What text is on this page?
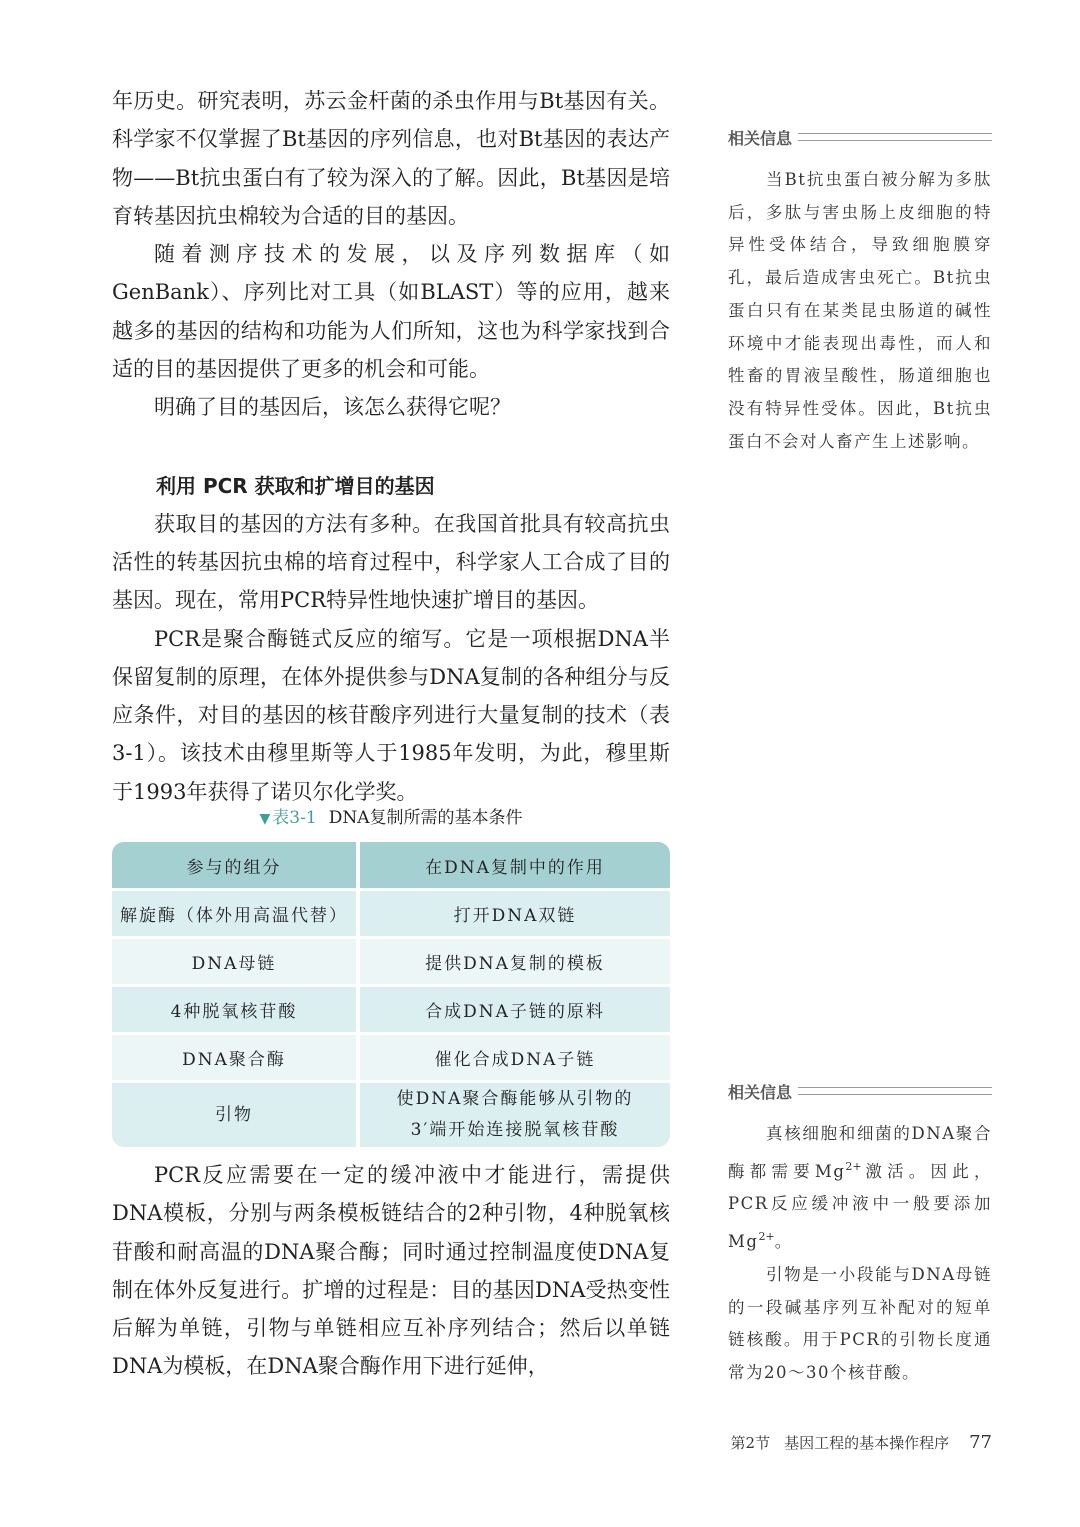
年历史。研究表明，苏云金杆菌的杀虫作用与Bt基因有关。科学家不仅掌握了Bt基因的序列信息，也对Bt基因的表达产物——Bt抗虫蛋白有了较为深入的了解。因此，Bt基因是培育转基因抗虫棉较为合适的目的基因。

随着测序技术的发展，以及序列数据库（如GenBank）、序列比对工具（如BLAST）等的应用，越来越多的基因的结构和功能为人们所知，这也为科学家找到合适的目的基因提供了更多的机会和可能。

明确了目的基因后，该怎么获得它呢？

利用 PCR 获取和扩增目的基因

获取目的基因的方法有多种。在我国首批具有较高抗虫活性的转基因抗虫棉的培育过程中，科学家人工合成了目的基因。现在，常用PCR特异性地快速扩增目的基因。

PCR是聚合酶链式反应的缩写。它是一项根据DNA半保留复制的原理，在体外提供参与DNA复制的各种组分与反应条件，对目的基因的核苷酸序列进行大量复制的技术（表3-1）。该技术由穆里斯等人于1985年发明，为此，穆里斯于1993年获得了诺贝尔化学奖。

▼ 表3-1 DNA复制所需的基本条件
参与的组分	在DNA复制中的作用
解旋酶（体外用高温代替）	打开DNA双链
DNA母链	提供DNA复制的模板
4种脱氧核苷酸	合成DNA子链的原料
DNA聚合酶	催化合成DNA子链
引物	使DNA聚合酶能够从引物的
3′端开始连接脱氧核苷酸

PCR反应需要在一定的缓冲液中才能进行，需提供DNA模板，分别与两条模板链结合的2种引物，4种脱氧核苷酸和耐高温的DNA聚合酶；同时通过控制温度使DNA复制在体外反复进行。扩增的过程是：目的基因DNA受热变性后解为单链，引物与单链相应互补序列结合；然后以单链DNA为模板，在DNA聚合酶作用下进行延伸，

相关信息

当Bt抗虫蛋白被分解为多肽后，多肽与害虫肠上皮细胞的特异性受体结合，导致细胞膜穿孔，最后造成害虫死亡。Bt抗虫蛋白只有在某类昆虫肠道的碱性环境中才能表现出毒性，而人和牲畜的胃液呈酸性，肠道细胞也没有特异性受体。因此，Bt抗虫蛋白不会对人畜产生上述影响。

相关信息

真核细胞和细菌的DNA聚合酶都需要$Mg^{2+}$激活。因此，PCR反应缓冲液中一般要添加$Mg^{2+}$。

引物是一小段能与DNA母链的一段碱基序列互补配对的短单链核酸。用于PCR的引物长度通常为20～30个核苷酸。

第2节 基因工程的基本操作程序 77
